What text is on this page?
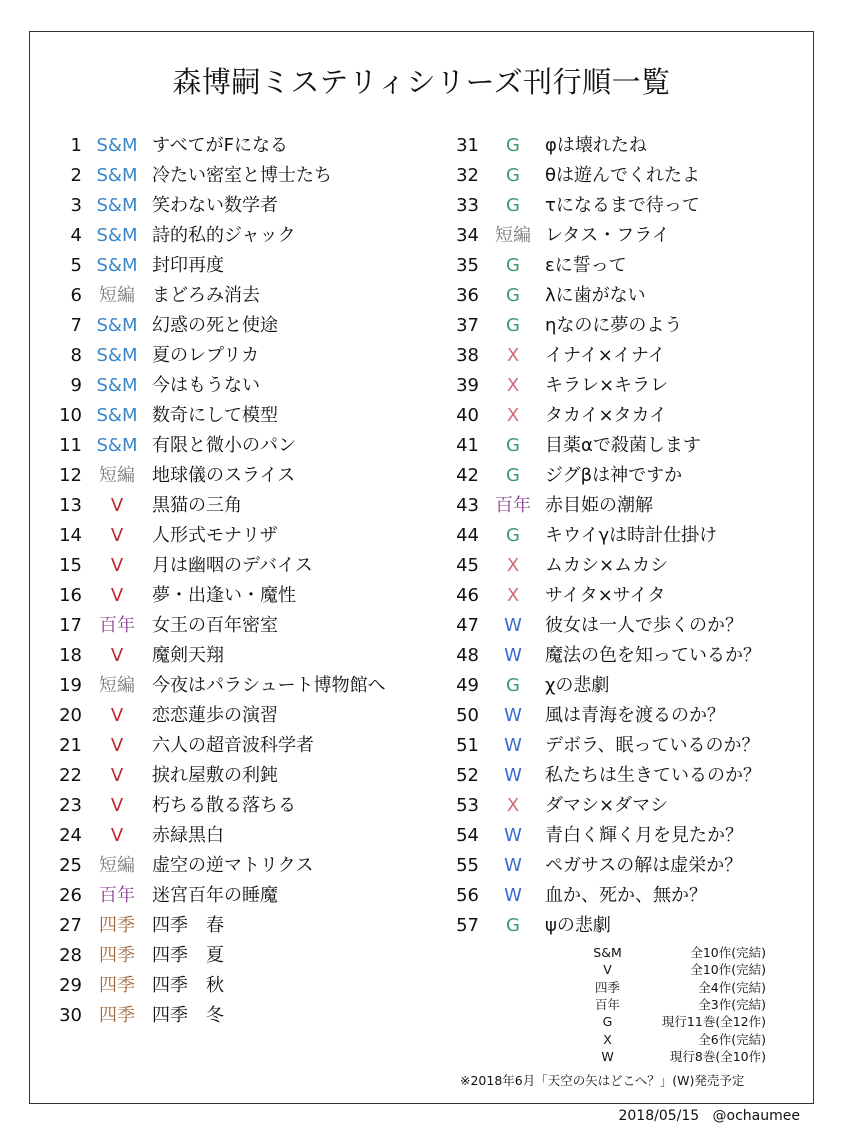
森博嗣ミステリィシリーズ刊行順一覧
1 S&M すべてがFになる
2 S&M 冷たい密室と博士たち
3 S&M 笑わない数学者
4 S&M 詩的私的ジャック
5 S&M 封印再度
6 短編 まどろみ消去
7 S&M 幻惑の死と使途
8 S&M 夏のレプリカ
9 S&M 今はもうない
10 S&M 数奇にして模型
11 S&M 有限と微小のパン
12 短編 地球儀のスライス
13	V	黒猫の三角
14	V	人形式モナリザ
15	V	月は幽咽のデバイス
16	V	夢・出逢い・魔性
17 百年 女王の百年密室
18	V	魔剣天翔
19 短編 今夜はパラシュート博物館へ
20	V	恋恋蓮歩の演習
21	V	六人の超音波科学者
22	V	捩れ屋敷の利鈍
23	V	朽ちる散る落ちる
24	V	赤緑黒白
25 短編 虚空の逆マトリクス
26 百年 迷宮百年の睡魔
27 四季 四季　春
28 四季 四季　夏
29 四季 四季　秋
30 四季 四季　冬
31	G	φは壊れたね
32	G	θは遊んでくれたよ
33	G	τになるまで待って
34 短編 レタス・フライ
35	G	εに誓って
36	G	λに歯がない
37	G	ηなのに夢のよう
38	X	イナイ×イナイ
39	X	キラレ×キラレ
40	X	タカイ×タカイ
41	G	目薬αで殺菌します
42	G	ジグβは神ですか
43 百年 赤目姫の潮解
44	G	キウイγは時計仕掛け
45	X	ムカシ×ムカシ
46	X	サイタ×サイタ
47	W	彼女は一人で歩くのか？
48	W	魔法の色を知っているか？
49	G	χの悲劇
50	W	風は青海を渡るのか？
51	W	デボラ、眠っているのか？
52	W	私たちは生きているのか？
53	X	ダマシ×ダマシ
54	W	青白く輝く月を見たか？
55	W	ペガサスの解は虚栄か？
56	W	血か、死か、無か？
57	G	ψの悲劇
S&M	全10作(完結)
V	全10作(完結)
四季	全4作(完結)
百年	全3作(完結)
G	現行11巻(全12作)
X	全6作(完結)
W	現行8巻(全10作)
※2018年6月「天空の矢はどこへ？」(W)発売予定
2018/05/15 @ochaumee
